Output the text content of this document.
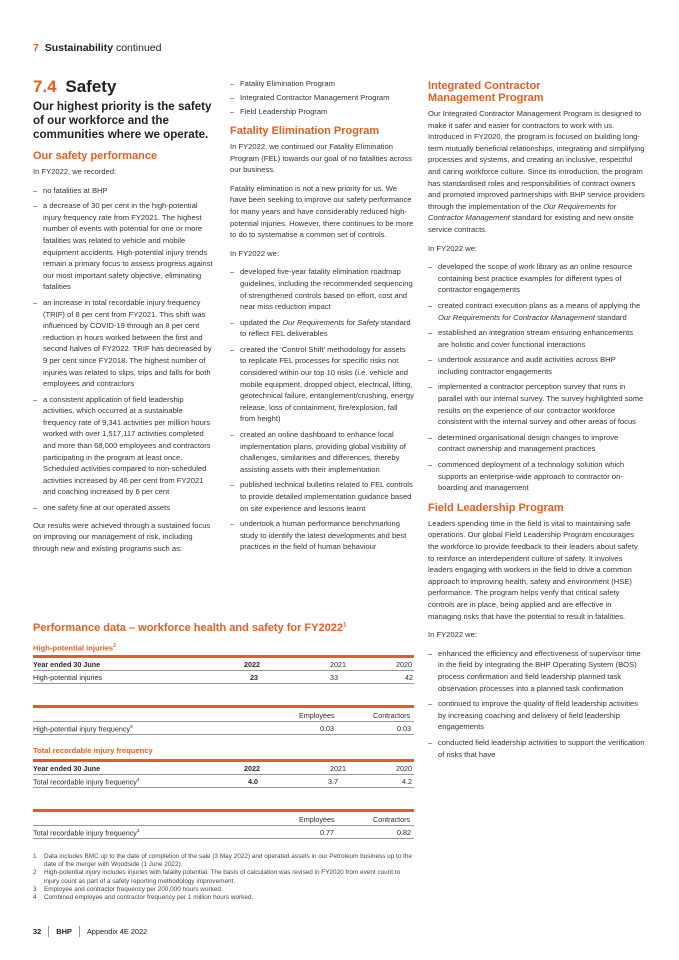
7 Sustainability continued
7.4 Safety
Our highest priority is the safety of our workforce and the communities where we operate.
Our safety performance

In FY2022, we recorded:

– no fatalities at BHP
– a decrease of 30 per cent in the high-potential injury frequency rate from FY2021. The highest number of events with potential for one or more fatalities was related to vehicle and mobile equipment accidents. High-potential injury trends remain a primary focus to assess progress against our most important safety objective, eliminating fatalities
– an increase in total recordable injury frequency (TRIF) of 8 per cent from FY2021. This shift was influenced by COVID-19 through an 8 per cent reduction in hours worked between the first and second halves of FY2022. TRIF has decreased by 9 per cent since FY2018. The highest number of injuries was related to slips, trips and falls for both employees and contractors
– a consistent application of field leadership activities, which occurred at a sustainable frequency rate of 9,341 activities per million hours worked with over 1,517,117 activities completed and more than 68,000 employees and contractors participating in the program at least once. Scheduled activities compared to non-scheduled activities increased by 46 per cent from FY2021 and coaching increased by 6 per cent
– one safety fine at our operated assets

Our results were achieved through a sustained focus on improving our management of risk, including through new and existing programs such as:

– Fatality Elimination Program
– Integrated Contractor Management Program
– Field Leadership Program
Fatality Elimination Program

In FY2022, we continued our Fatality Elimination Program (FEL) towards our goal of no fatalities across our business.

Fatality elimination is not a new priority for us. We have been seeking to improve our safety performance for many years and have considerably reduced high-potential injuries. However, there continues to be more to do to systematise a common set of controls.

In FY2022 we:

– developed five-year fatality elimination roadmap guidelines, including the recommended sequencing of strengthened controls based on effort, cost and near miss reduction impact
– updated the Our Requirements for Safety standard to reflect FEL deliverables
– created the ‘Control Shift’ methodology for assets to replicate FEL processes for specific risks not considered within our top 10 risks (i.e. vehicle and mobile equipment, dropped object, electrical, lifting, geotechnical failure, entanglement/crushing, energy release, loss of containment, fire/explosion, fall from height)
– created an online dashboard to enhance local implementation plans, providing global visibility of challenges, similarities and differences, thereby assisting assets with their implementation
– published technical bulletins related to FEL controls to provide detailed implementation guidance based on site experience and lessons learnt
– undertook a human performance benchmarking study to identify the latest developments and best practices in the field of human behaviour
Integrated Contractor Management Program

Our Integrated Contractor Management Program is designed to make it safer and easier for contractors to work with us. Introduced in FY2020, the program is focused on building long-term mutually beneficial relationships, integrating and simplifying processes and systems, and creating an inclusive, respectful and caring workforce culture. Since its introduction, the program has standardised roles and responsibilities of contract owners and promoted improved partnerships with BHP service providers through the implementation of the Our Requirements for Contractor Management standard for existing and new onsite service contracts.

In FY2022 we:

– developed the scope of work library as an online resource containing best practice examples for different types of contractor engagements
– created contract execution plans as a means of applying the Our Requirements for Contractor Management standard
– established an integration stream ensuring enhancements are holistic and cover functional interactions
– undertook assurance and audit activities across BHP including contractor engagements
– implemented a contractor perception survey that runs in parallel with our internal survey. The survey highlighted some results on the experience of our contractor workforce consistent with the internal survey and other areas of focus
– determined organisational design changes to improve contract ownership and management practices
– commenced deployment of a technology solution which supports an enterprise-wide approach to contractor on-boarding and management
Field Leadership Program

Leaders spending time in the field is vital to maintaining safe operations. Our global Field Leadership Program encourages the workforce to provide feedback to their leaders about safety to reinforce an interdependent culture of safety. It involves leaders engaging with workers in the field to drive a common approach to improving health, safety and environment (HSE) performance. The program helps verify that critical safety controls are in place, being applied and are effective in managing risks that have the potential to result in fatalities.

In FY2022 we:

– enhanced the efficiency and effectiveness of supervisor time in the field by integrating the BHP Operating System (BOS) process confirmation and field leadership planned task observation processes into a planned task confirmation
– continued to improve the quality of field leadership activities by increasing coaching and delivery of field leadership engagements
– conducted field leadership activities to support the verification of risks that have
Performance data – workforce health and safety for FY2022$^1$
High-potential injuries$^2$
Year ended 30 June	2022	2021	2020
High-potential injuries	23	33	42
Employees	Contractors
High-potential injury frequency$^3$	0.03	0.03
Total recordable injury frequency
Year ended 30 June	2022	2021	2020
Total recordable injury frequency$^4$	4.0	3.7	4.2
Employees	Contractors
Total recordable injury frequency$^3$	0.77	0.82
1 Data includes BMC up to the date of completion of the sale (3 May 2022) and operated assets in our Petroleum business up to the date of the merger with Woodside (1 June 2022).
2 High-potential injury includes injuries with fatality potential. The basis of calculation was revised in FY2020 from event count to injury count as part of a safety reporting methodology improvement.
3 Employee and contractor frequency per 200,000 hours worked.
4 Combined employee and contractor frequency per 1 million hours worked.
32 BHP Appendix 4E 2022
